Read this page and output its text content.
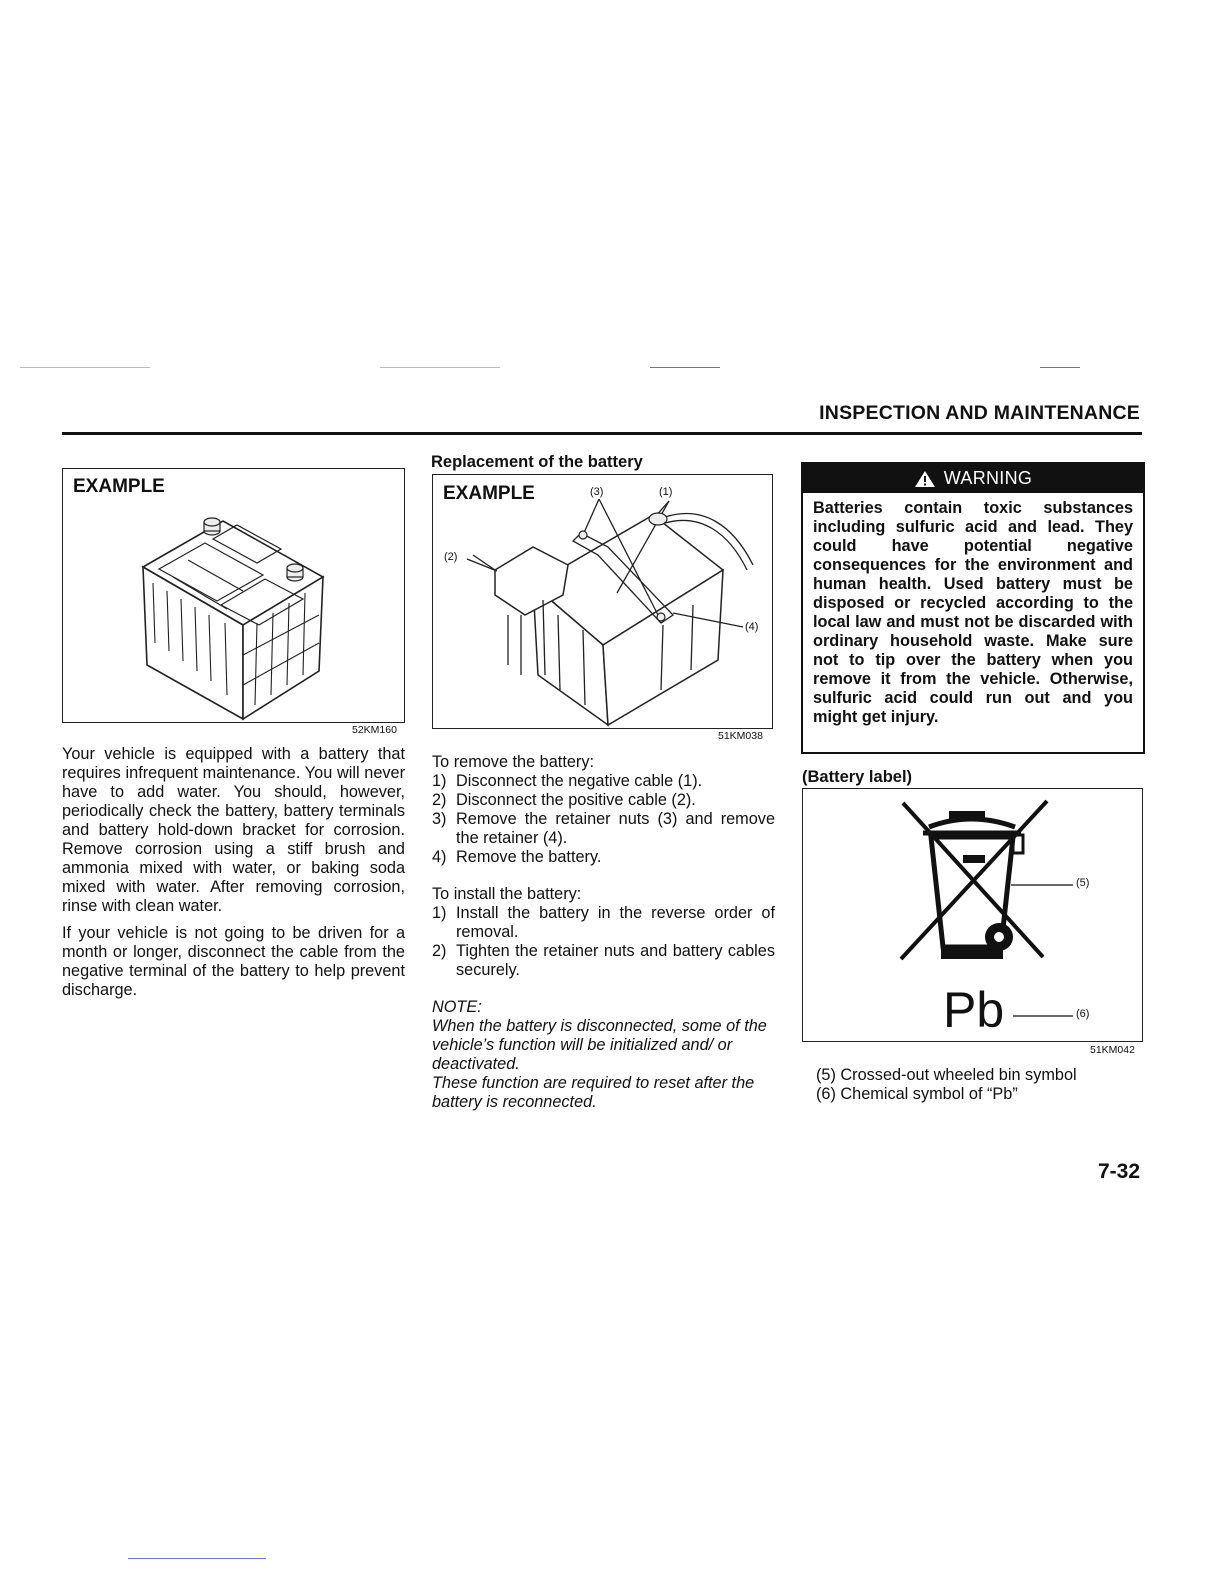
INSPECTION AND MAINTENANCE
EXAMPLE
52KM160

Your vehicle is equipped with a battery that requires infrequent maintenance. You will never have to add water. You should, however, periodically check the battery, battery terminals and battery hold-down bracket for corrosion. Remove corrosion using a stiff brush and ammonia mixed with water, or baking soda mixed with water. After removing corrosion, rinse with clean water.

If your vehicle is not going to be driven for a month or longer, disconnect the cable from the negative terminal of the battery to help prevent discharge.

Replacement of the battery
EXAMPLE	(3)	(1)
(2)
(4)
51KM038
To remove the battery:
1) Disconnect the negative cable (1).
2) Disconnect the positive cable (2).
3) Remove the retainer nuts (3) and remove the retainer (4).
4) Remove the battery.
To install the battery:
1) Install the battery in the reverse order of removal.
2) Tighten the retainer nuts and battery cables securely.
NOTE:
When the battery is disconnected, some of the vehicle’s function will be initialized and/ or deactivated.
These function are required to reset after the battery is reconnected.
WARNING
Batteries contain toxic substances including sulfuric acid and lead. They could have potential negative consequences for the environment and human health. Used battery must be disposed or recycled according to the local law and must not be discarded with ordinary household waste. Make sure not to tip over the battery when you remove it from the vehicle. Otherwise, sulfuric acid could run out and you might get injury.
(Battery label)
(5)
Pb	(6)
51KM042
(5) Crossed-out wheeled bin symbol
(6) Chemical symbol of “Pb”
7-32
